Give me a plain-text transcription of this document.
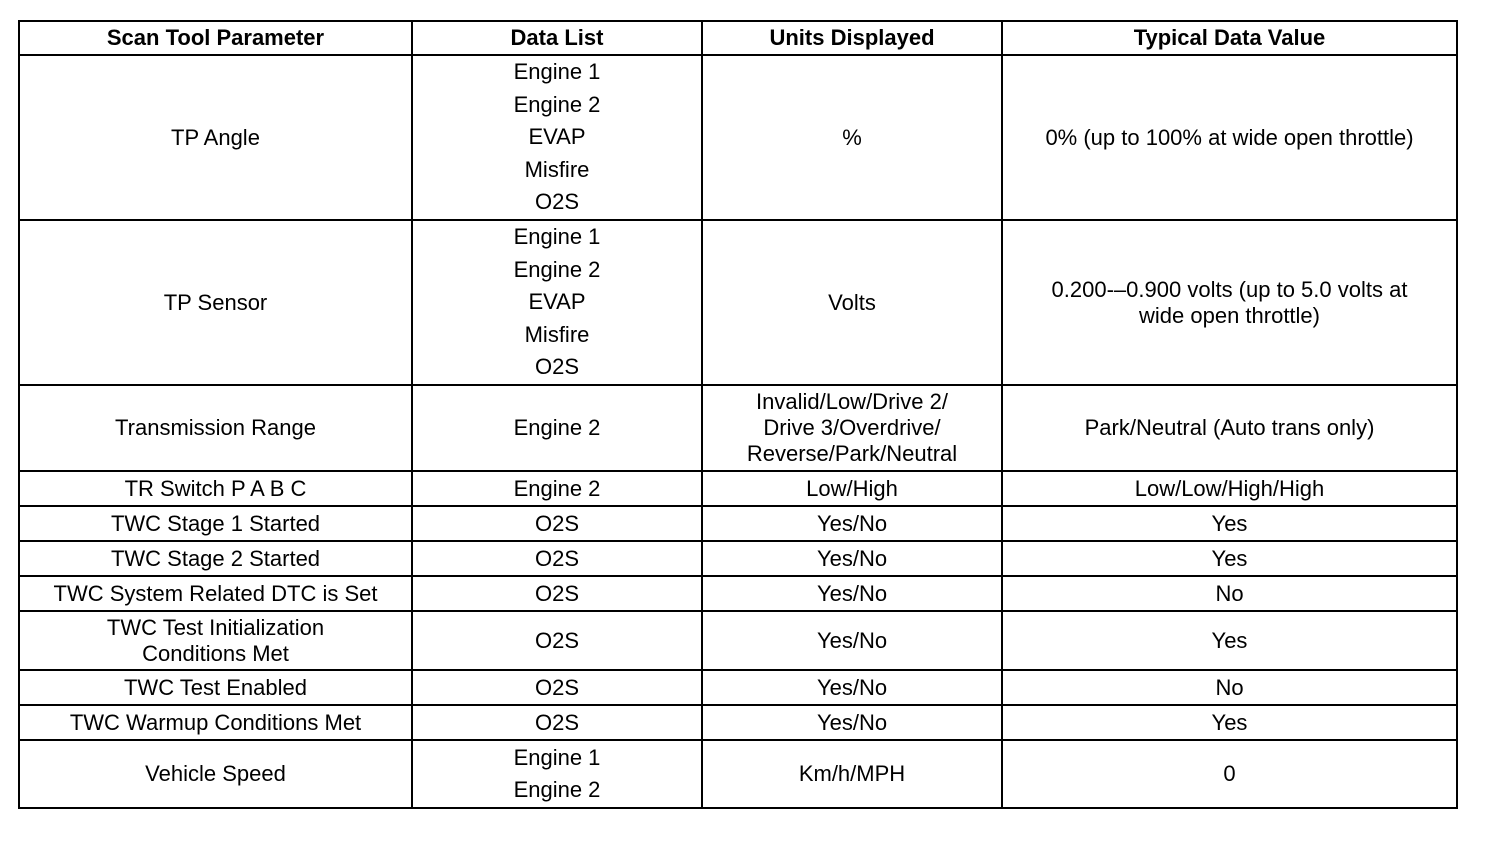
Scan Tool Parameter	Data List	Units Displayed	Typical Data Value

TP Angle	Engine 1
Engine 2
EVAP
Misfire
O2S	%	0% (up to 100% at wide open throttle)

TP Sensor	Engine 1
Engine 2
EVAP
Misfire
O2S	Volts	0.200-–0.900 volts (up to 5.0 volts at
wide open throttle)

Transmission Range	Engine 2	Invalid/Low/Drive 2/
Drive 3/Overdrive/
Reverse/Park/Neutral	Park/Neutral (Auto trans only)

TR Switch P A B C	Engine 2	Low/High	Low/Low/High/High

TWC Stage 1 Started	O2S	Yes/No	Yes

TWC Stage 2 Started	O2S	Yes/No	Yes

TWC System Related DTC is Set	O2S	Yes/No	No

TWC Test Initialization
Conditions Met	O2S	Yes/No	Yes

TWC Test Enabled	O2S	Yes/No	No

TWC Warmup Conditions Met	O2S	Yes/No	Yes

Vehicle Speed	Engine 1
Engine 2	Km/h/MPH	0
